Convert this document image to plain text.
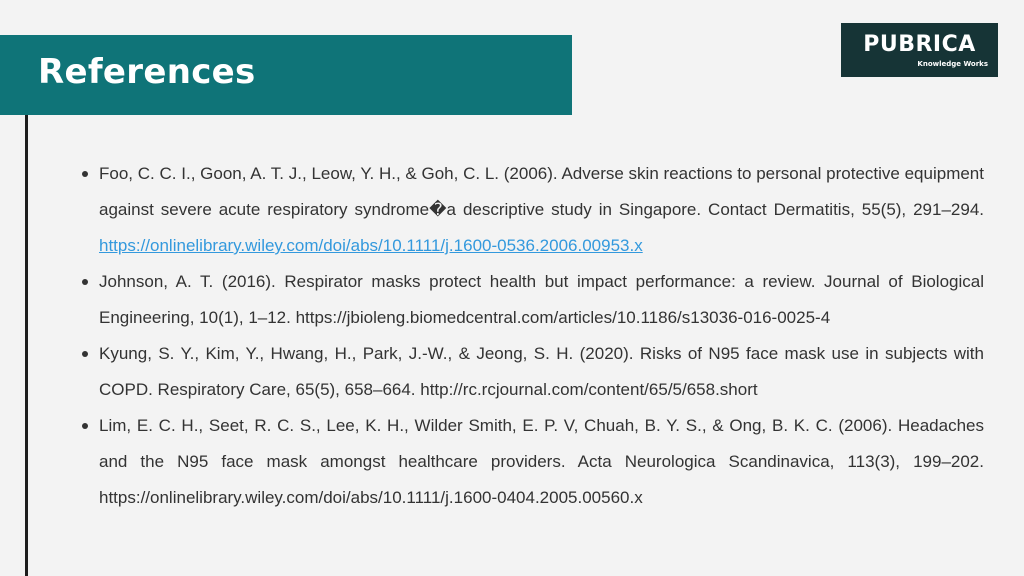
References
PUBRICA
Knowledge Works
Foo, C. C. I., Goon, A. T. J., Leow, Y. H., & Goh, C. L. (2006). Adverse skin reactions to personal protective equipment against severe acute respiratory syndrome�a descriptive study in Singapore. Contact Dermatitis, 55(5), 291–294. https://onlinelibrary.wiley.com/doi/abs/10.1111/j.1600-0536.2006.00953.x
Johnson, A. T. (2016). Respirator masks protect health but impact performance: a review. Journal of Biological Engineering, 10(1), 1–12. https://jbioleng.biomedcentral.com/articles/10.1186/s13036-016-0025-4
Kyung, S. Y., Kim, Y., Hwang, H., Park, J.-W., & Jeong, S. H. (2020). Risks of N95 face mask use in subjects with COPD. Respiratory Care, 65(5), 658–664. http://rc.rcjournal.com/content/65/5/658.short
Lim, E. C. H., Seet, R. C. S., Lee, K. H., Wilder Smith, E. P. V, Chuah, B. Y. S., & Ong, B. K. C. (2006). Headaches and the N95 face mask amongst healthcare providers. Acta Neurologica Scandinavica, 113(3), 199–202. https://onlinelibrary.wiley.com/doi/abs/10.1111/j.1600-0404.2005.00560.x
